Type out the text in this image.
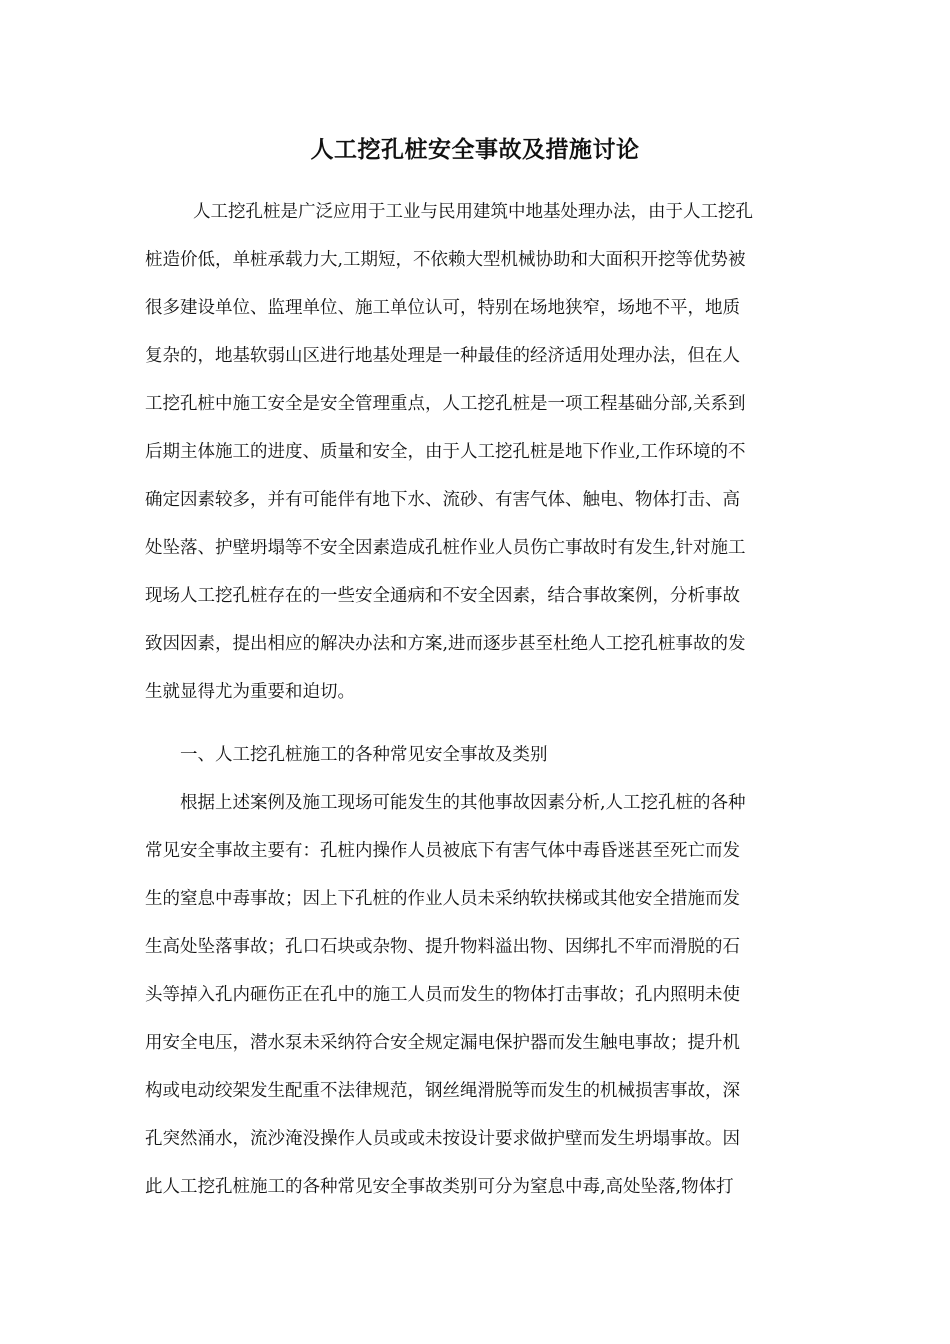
人工挖孔桩安全事故及措施讨论
人工挖孔桩是广泛应用于工业与民用建筑中地基处理办法，由于人工挖孔
桩造价低，单桩承载力大,工期短，不依赖大型机械协助和大面积开挖等优势被
很多建设单位、监理单位、施工单位认可，特别在场地狭窄，场地不平，地质
复杂的，地基软弱山区进行地基处理是一种最佳的经济适用处理办法，但在人
工挖孔桩中施工安全是安全管理重点，人工挖孔桩是一项工程基础分部,关系到
后期主体施工的进度、质量和安全，由于人工挖孔桩是地下作业,工作环境的不
确定因素较多，并有可能伴有地下水、流砂、有害气体、触电、物体打击、高
处坠落、护壁坍塌等不安全因素造成孔桩作业人员伤亡事故时有发生,针对施工
现场人工挖孔桩存在的一些安全通病和不安全因素，结合事故案例，分析事故
致因因素，提出相应的解决办法和方案,进而逐步甚至杜绝人工挖孔桩事故的发
生就显得尤为重要和迫切。
一、人工挖孔桩施工的各种常见安全事故及类别
根据上述案例及施工现场可能发生的其他事故因素分析,人工挖孔桩的各种
常见安全事故主要有：孔桩内操作人员被底下有害气体中毒昏迷甚至死亡而发
生的窒息中毒事故；因上下孔桩的作业人员未采纳软扶梯或其他安全措施而发
生高处坠落事故；孔口石块或杂物、提升物料溢出物、因绑扎不牢而滑脱的石
头等掉入孔内砸伤正在孔中的施工人员而发生的物体打击事故；孔内照明未使
用安全电压，潜水泵未采纳符合安全规定漏电保护器而发生触电事故；提升机
构或电动绞架发生配重不法律规范，钢丝绳滑脱等而发生的机械损害事故，深
孔突然涌水，流沙淹没操作人员或或未按设计要求做护壁而发生坍塌事故。因
此人工挖孔桩施工的各种常见安全事故类别可分为窒息中毒,高处坠落,物体打
